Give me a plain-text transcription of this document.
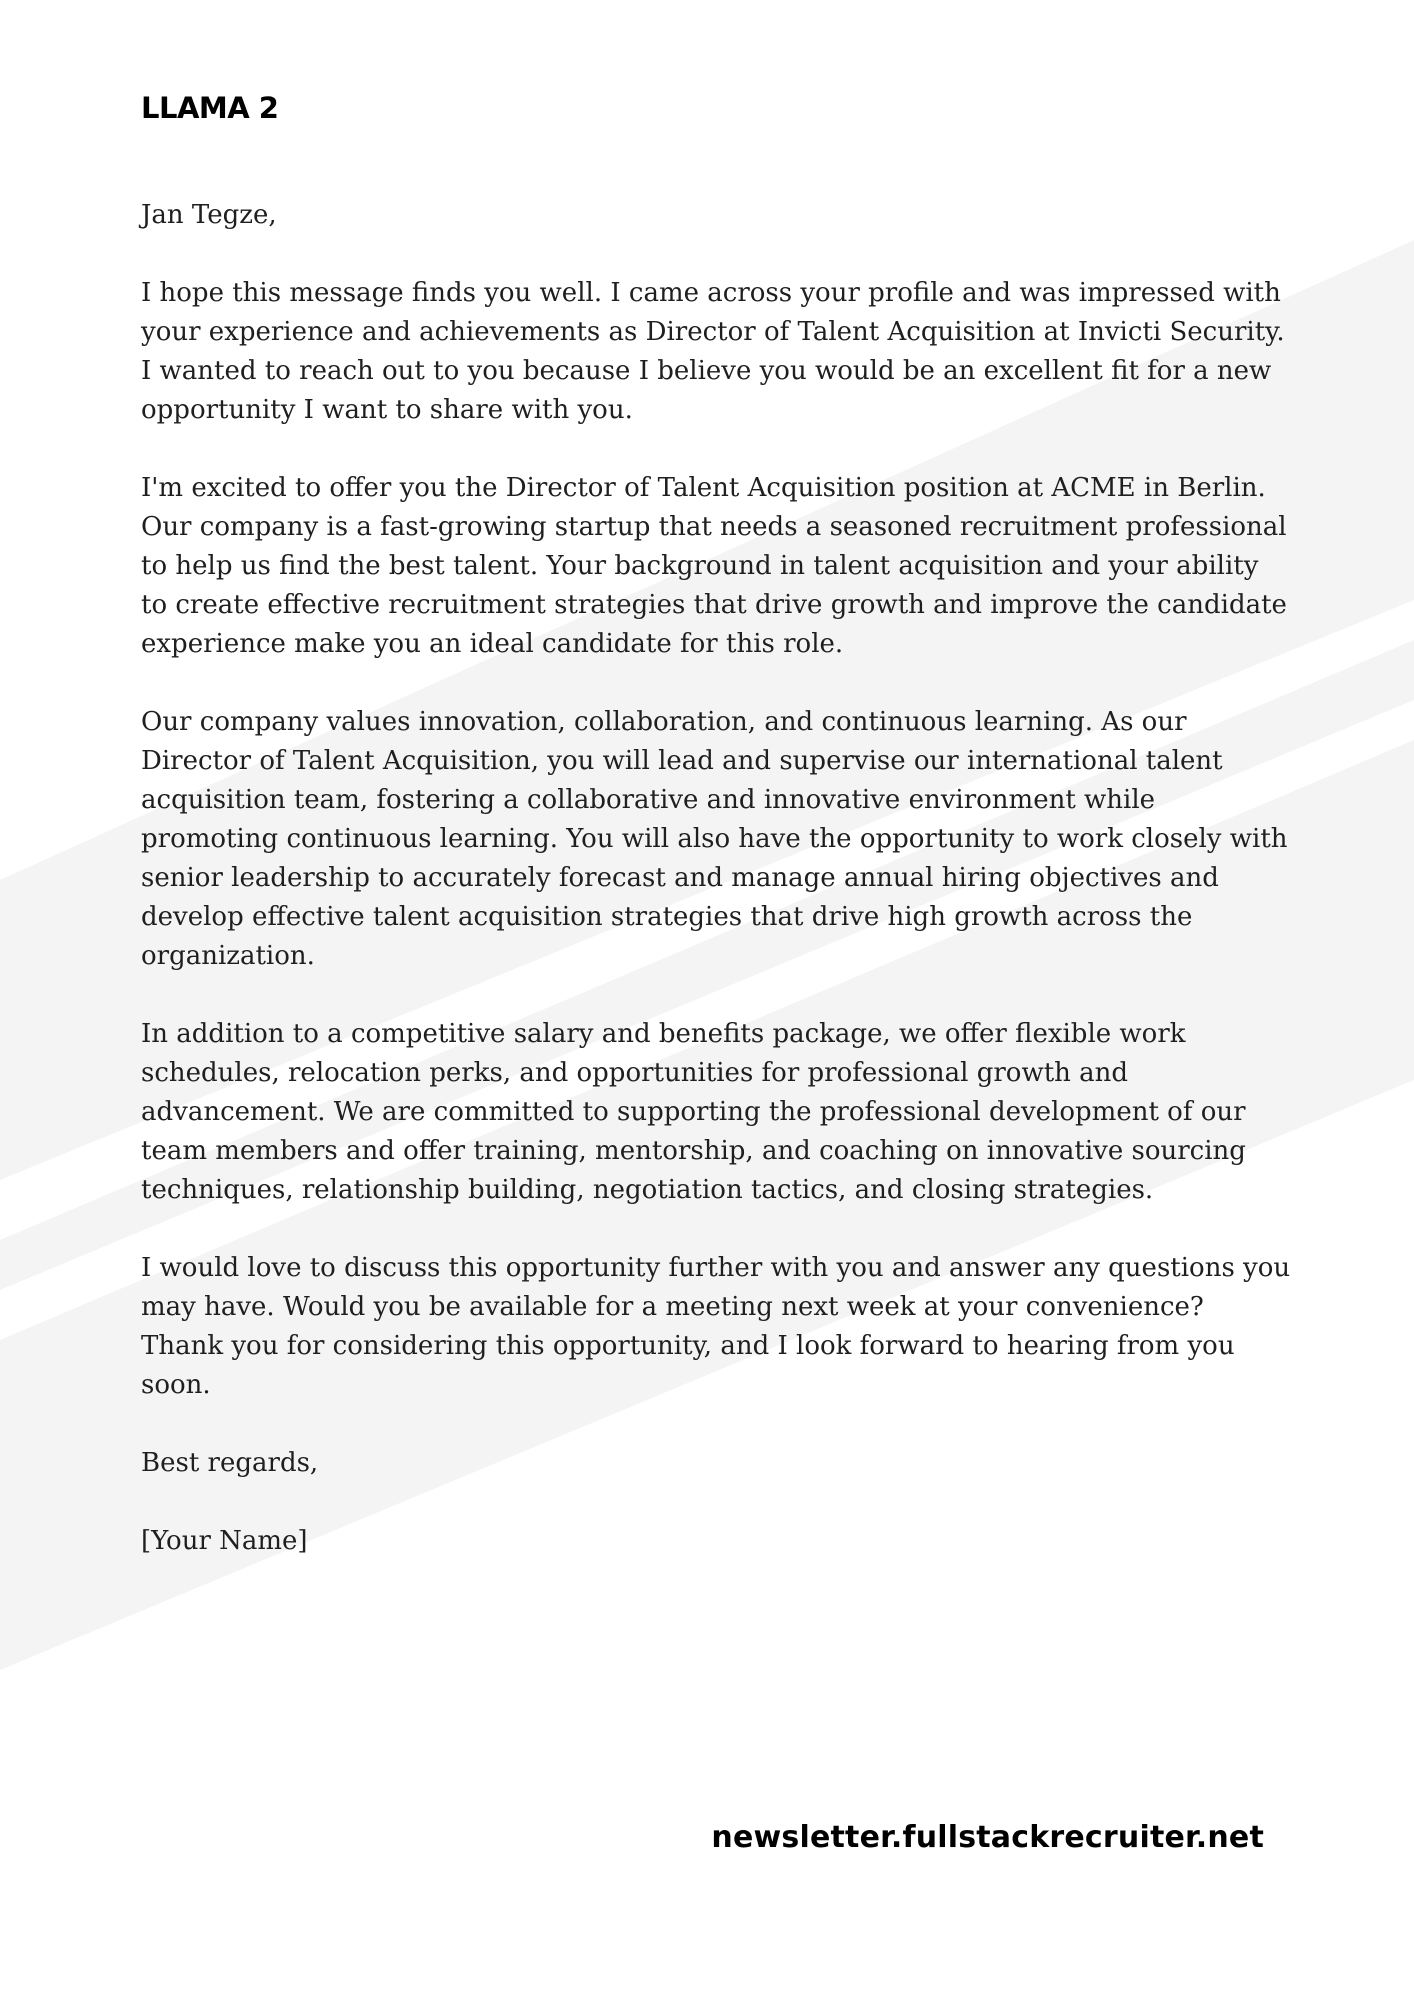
LLAMA 2

Jan Tegze,

I hope this message finds you well. I came across your profile and was impressed with your experience and achievements as Director of Talent Acquisition at Invicti Security. I wanted to reach out to you because I believe you would be an excellent fit for a new opportunity I want to share with you.

I'm excited to offer you the Director of Talent Acquisition position at ACME in Berlin. Our company is a fast-growing startup that needs a seasoned recruitment professional to help us find the best talent. Your background in talent acquisition and your ability to create effective recruitment strategies that drive growth and improve the candidate experience make you an ideal candidate for this role.

Our company values innovation, collaboration, and continuous learning. As our Director of Talent Acquisition, you will lead and supervise our international talent acquisition team, fostering a collaborative and innovative environment while promoting continuous learning. You will also have the opportunity to work closely with senior leadership to accurately forecast and manage annual hiring objectives and develop effective talent acquisition strategies that drive high growth across the organization.

In addition to a competitive salary and benefits package, we offer flexible work schedules, relocation perks, and opportunities for professional growth and advancement. We are committed to supporting the professional development of our team members and offer training, mentorship, and coaching on innovative sourcing techniques, relationship building, negotiation tactics, and closing strategies.

I would love to discuss this opportunity further with you and answer any questions you may have. Would you be available for a meeting next week at your convenience? Thank you for considering this opportunity, and I look forward to hearing from you soon.

Best regards,

[Your Name]

newsletter.fullstackrecruiter.net
